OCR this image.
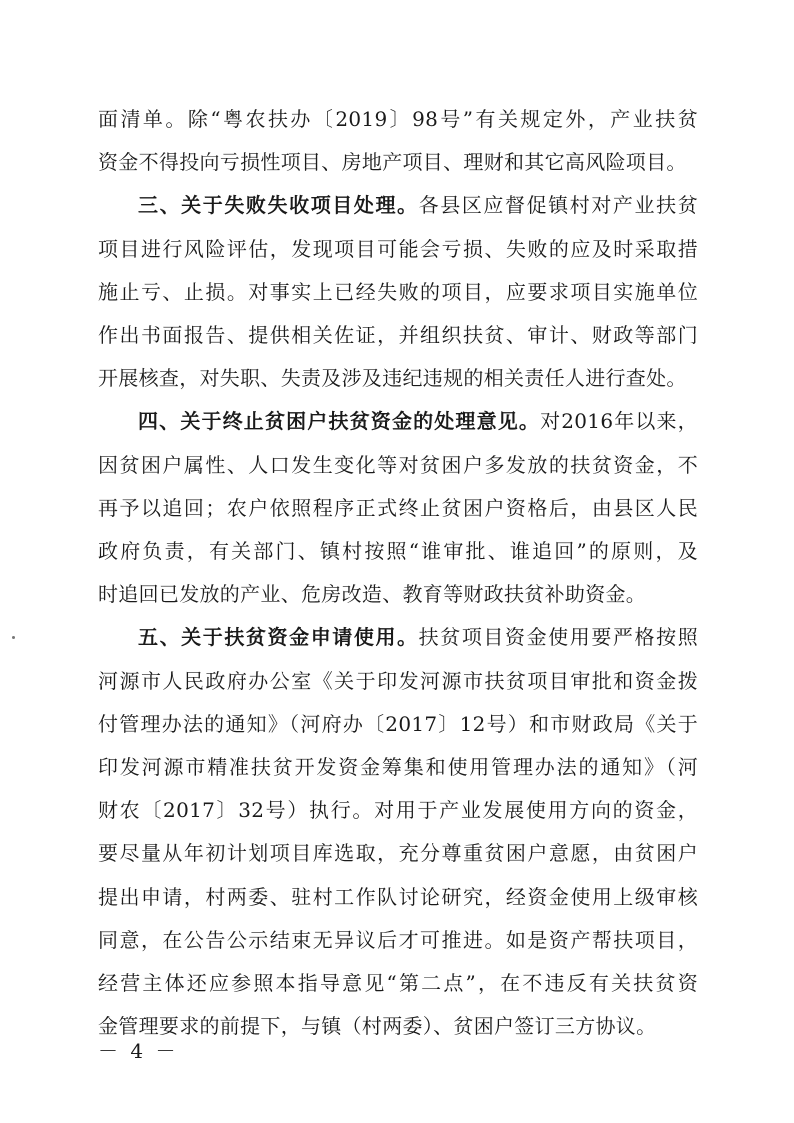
面清单。除“粤农扶办〔2019〕98号”有关规定外，产业扶贫
资金不得投向亏损性项目、房地产项目、理财和其它高风险项目。
三、关于失败失收项目处理。各县区应督促镇村对产业扶贫
项目进行风险评估，发现项目可能会亏损、失败的应及时采取措
施止亏、止损。对事实上已经失败的项目，应要求项目实施单位
作出书面报告、提供相关佐证，并组织扶贫、审计、财政等部门
开展核查，对失职、失责及涉及违纪违规的相关责任人进行查处。
四、关于终止贫困户扶贫资金的处理意见。对2016年以来，
因贫困户属性、人口发生变化等对贫困户多发放的扶贫资金，不
再予以追回；农户依照程序正式终止贫困户资格后，由县区人民
政府负责，有关部门、镇村按照“谁审批、谁追回”的原则，及
时追回已发放的产业、危房改造、教育等财政扶贫补助资金。
五、关于扶贫资金申请使用。扶贫项目资金使用要严格按照
河源市人民政府办公室《关于印发河源市扶贫项目审批和资金拨
付管理办法的通知》（河府办〔2017〕12号）和市财政局《关于
印发河源市精准扶贫开发资金筹集和使用管理办法的通知》（河
财农〔2017〕32号）执行。对用于产业发展使用方向的资金，
要尽量从年初计划项目库选取，充分尊重贫困户意愿，由贫困户
提出申请，村两委、驻村工作队讨论研究，经资金使用上级审核
同意，在公告公示结束无异议后才可推进。如是资产帮扶项目，
经营主体还应参照本指导意见“第二点”，在不违反有关扶贫资
金管理要求的前提下，与镇（村两委）、贫困户签订三方协议。
－ 4 －
